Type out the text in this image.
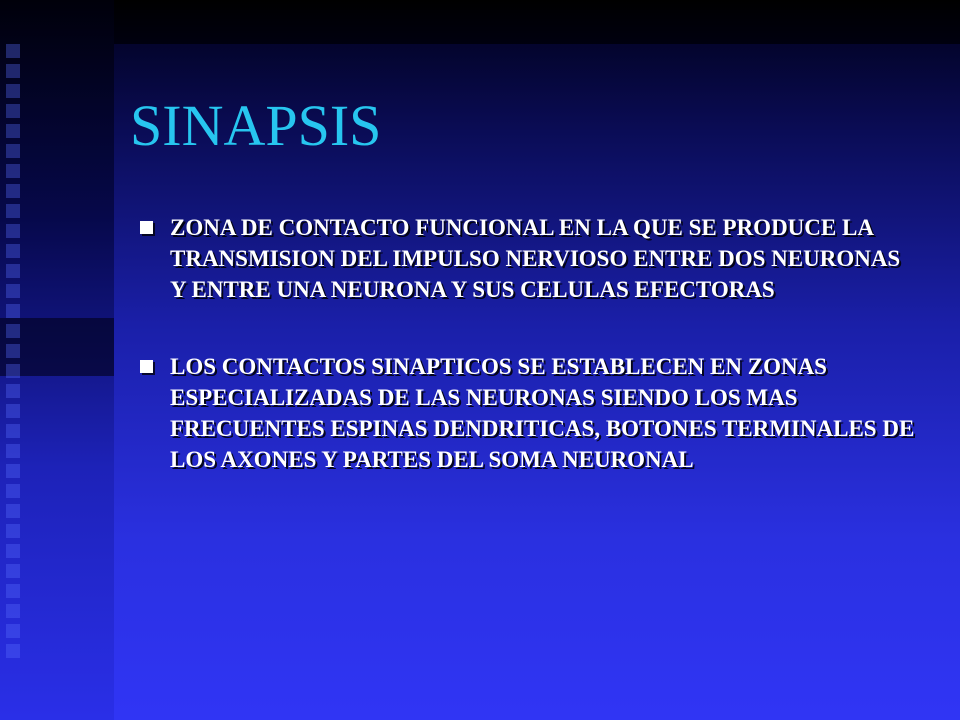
SINAPSIS
ZONA DE CONTACTO FUNCIONAL EN LA QUE SE PRODUCE LA TRANSMISION DEL IMPULSO NERVIOSO ENTRE DOS NEURONAS Y ENTRE UNA NEURONA Y SUS CELULAS EFECTORAS
LOS CONTACTOS SINAPTICOS SE ESTABLECEN EN ZONAS ESPECIALIZADAS DE LAS NEURONAS SIENDO LOS MAS FRECUENTES ESPINAS DENDRITICAS, BOTONES TERMINALES DE LOS AXONES Y PARTES DEL SOMA NEURONAL
